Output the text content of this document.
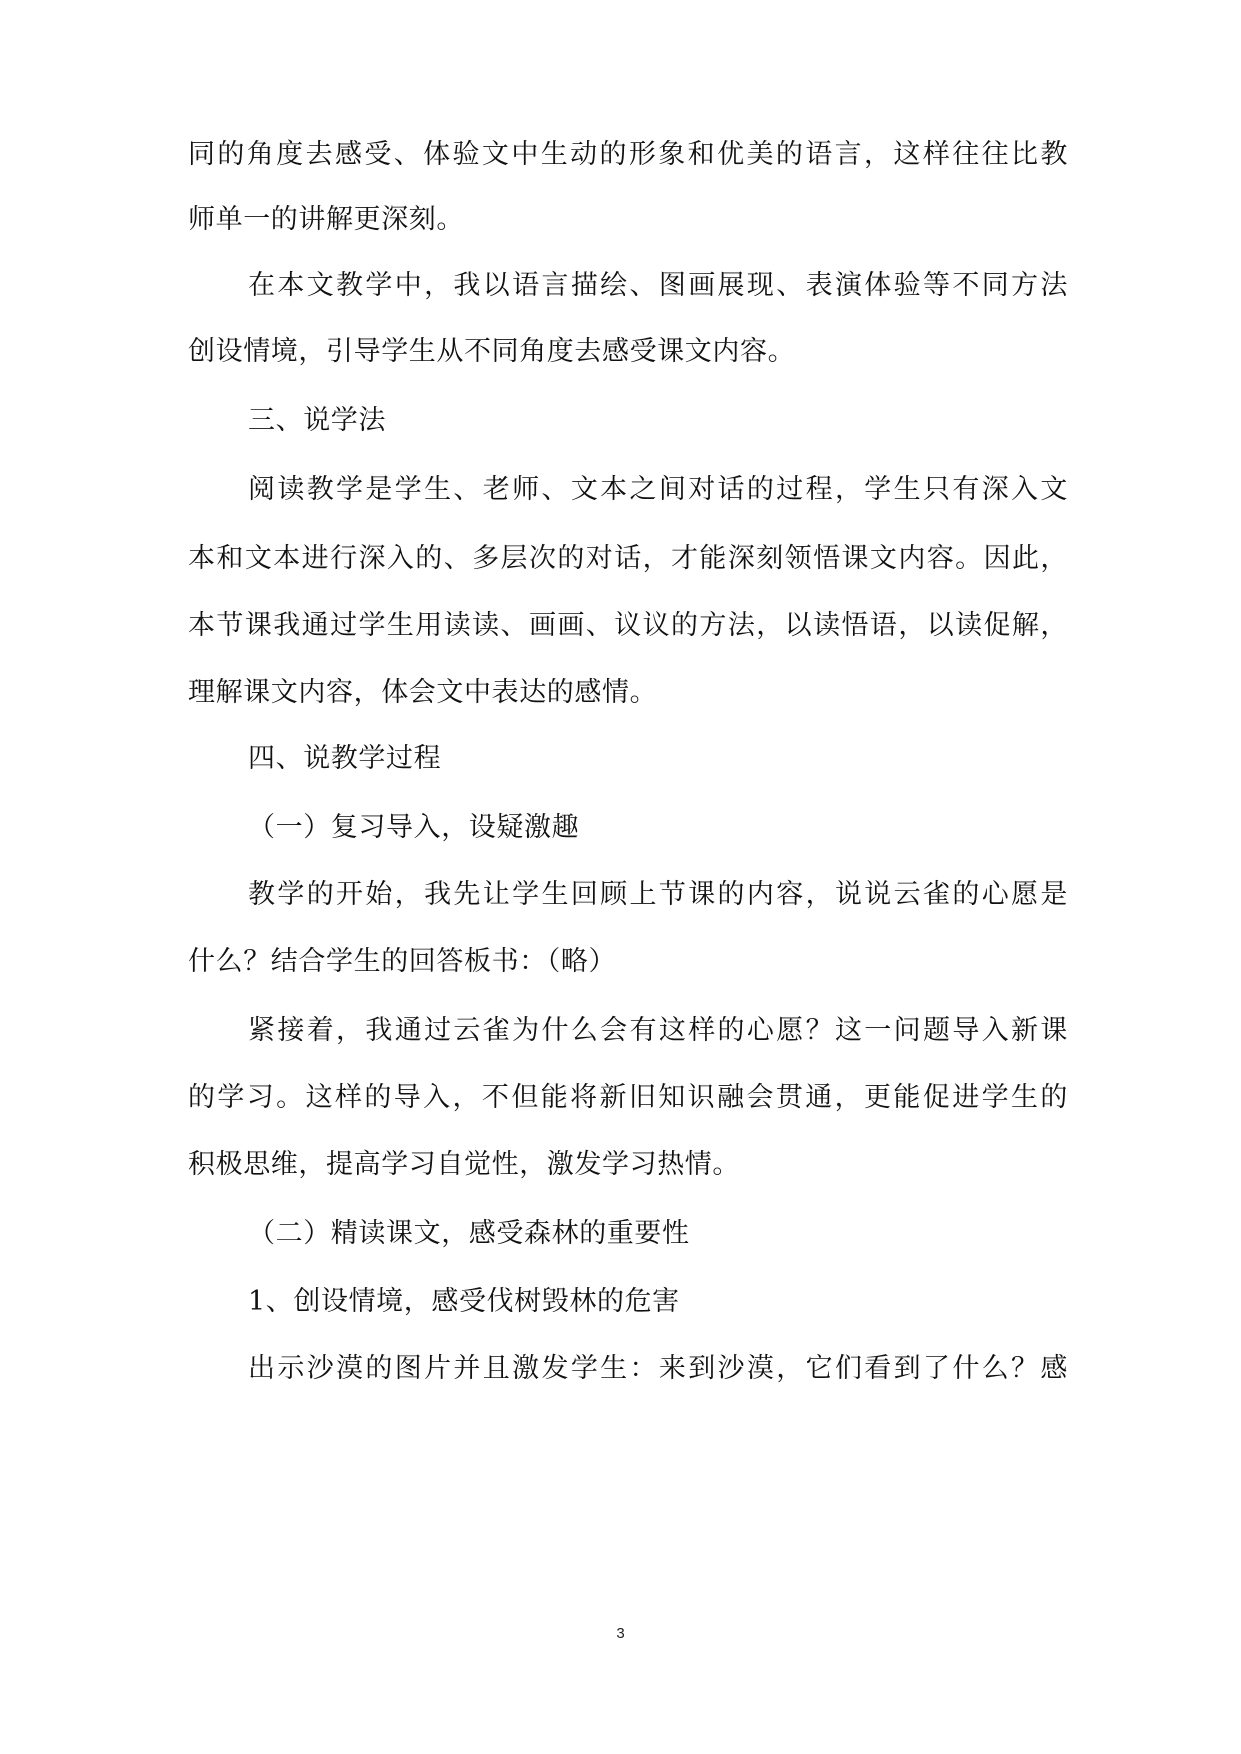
同的角度去感受、体验文中生动的形象和优美的语言，这样往往比教
师单一的讲解更深刻。
在本文教学中，我以语言描绘、图画展现、表演体验等不同方法
创设情境，引导学生从不同角度去感受课文内容。
三、说学法
阅读教学是学生、老师、文本之间对话的过程，学生只有深入文
本和文本进行深入的、多层次的对话，才能深刻领悟课文内容。因此，
本节课我通过学生用读读、画画、议议的方法，以读悟语，以读促解，
理解课文内容，体会文中表达的感情。
四、说教学过程
（一）复习导入，设疑激趣
教学的开始，我先让学生回顾上节课的内容，说说云雀的心愿是
什么？结合学生的回答板书：（略）
紧接着，我通过云雀为什么会有这样的心愿？这一问题导入新课
的学习。这样的导入，不但能将新旧知识融会贯通，更能促进学生的
积极思维，提高学习自觉性，激发学习热情。
（二）精读课文，感受森林的重要性
1、创设情境，感受伐树毁林的危害
出示沙漠的图片并且激发学生：来到沙漠，它们看到了什么？感
3
